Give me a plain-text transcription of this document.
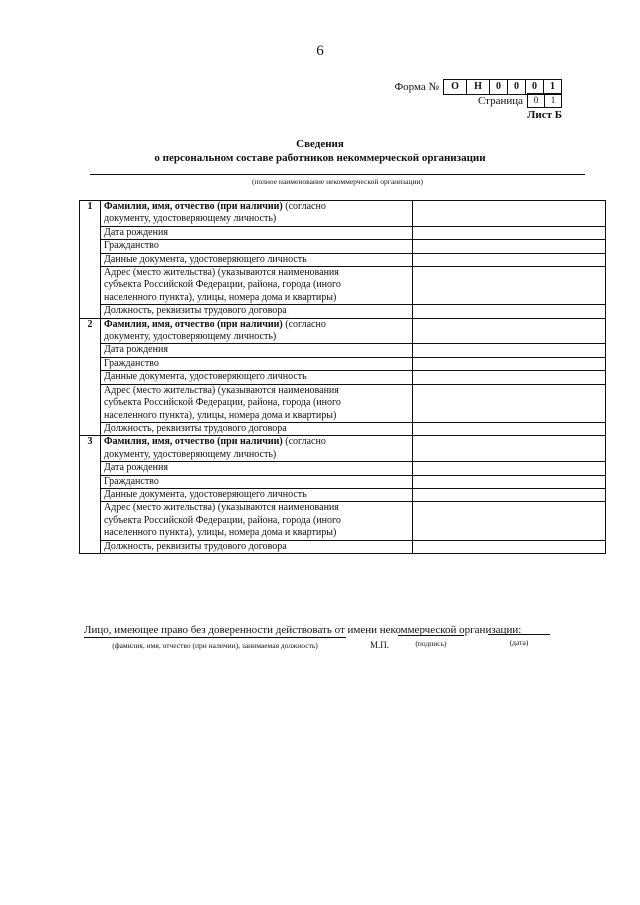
6
Форма №	О	Н	0	0	0	1
Страница	0	1
Лист Б
Сведения
о персональном составе работников некоммерческой организации
(полное наименование некоммерческой организации)
1	Фамилия, имя, отчество (при наличии) (согласно
документу, удостоверяющему личность)	
	Дата рождения	
	Гражданство	
	Данные документа, удостоверяющего личность	
	Адрес (место жительства) (указываются наименования
субъекта Российской Федерации, района, города (иного
населенного пункта), улицы, номера дома и квартиры)	
	Должность, реквизиты трудового договора	
2	Фамилия, имя, отчество (при наличии) (согласно
документу, удостоверяющему личность)	
	Дата рождения	
	Гражданство	
	Данные документа, удостоверяющего личность	
	Адрес (место жительства) (указываются наименования
субъекта Российской Федерации, района, города (иного
населенного пункта), улицы, номера дома и квартиры)	
	Должность, реквизиты трудового договора	
3	Фамилия, имя, отчество (при наличии) (согласно
документу, удостоверяющему личность)	
	Дата рождения	
	Гражданство	
	Данные документа, удостоверяющего личность	
	Адрес (место жительства) (указываются наименования
субъекта Российской Федерации, района, города (иного
населенного пункта), улицы, номера дома и квартиры)	
	Должность, реквизиты трудового договора	
Лицо, имеющее право без доверенности действовать от имени некоммерческой организации:
(фамилия, имя, отчество (при наличии), занимаемая должность)	М.П.	(подпись)	(дата)
